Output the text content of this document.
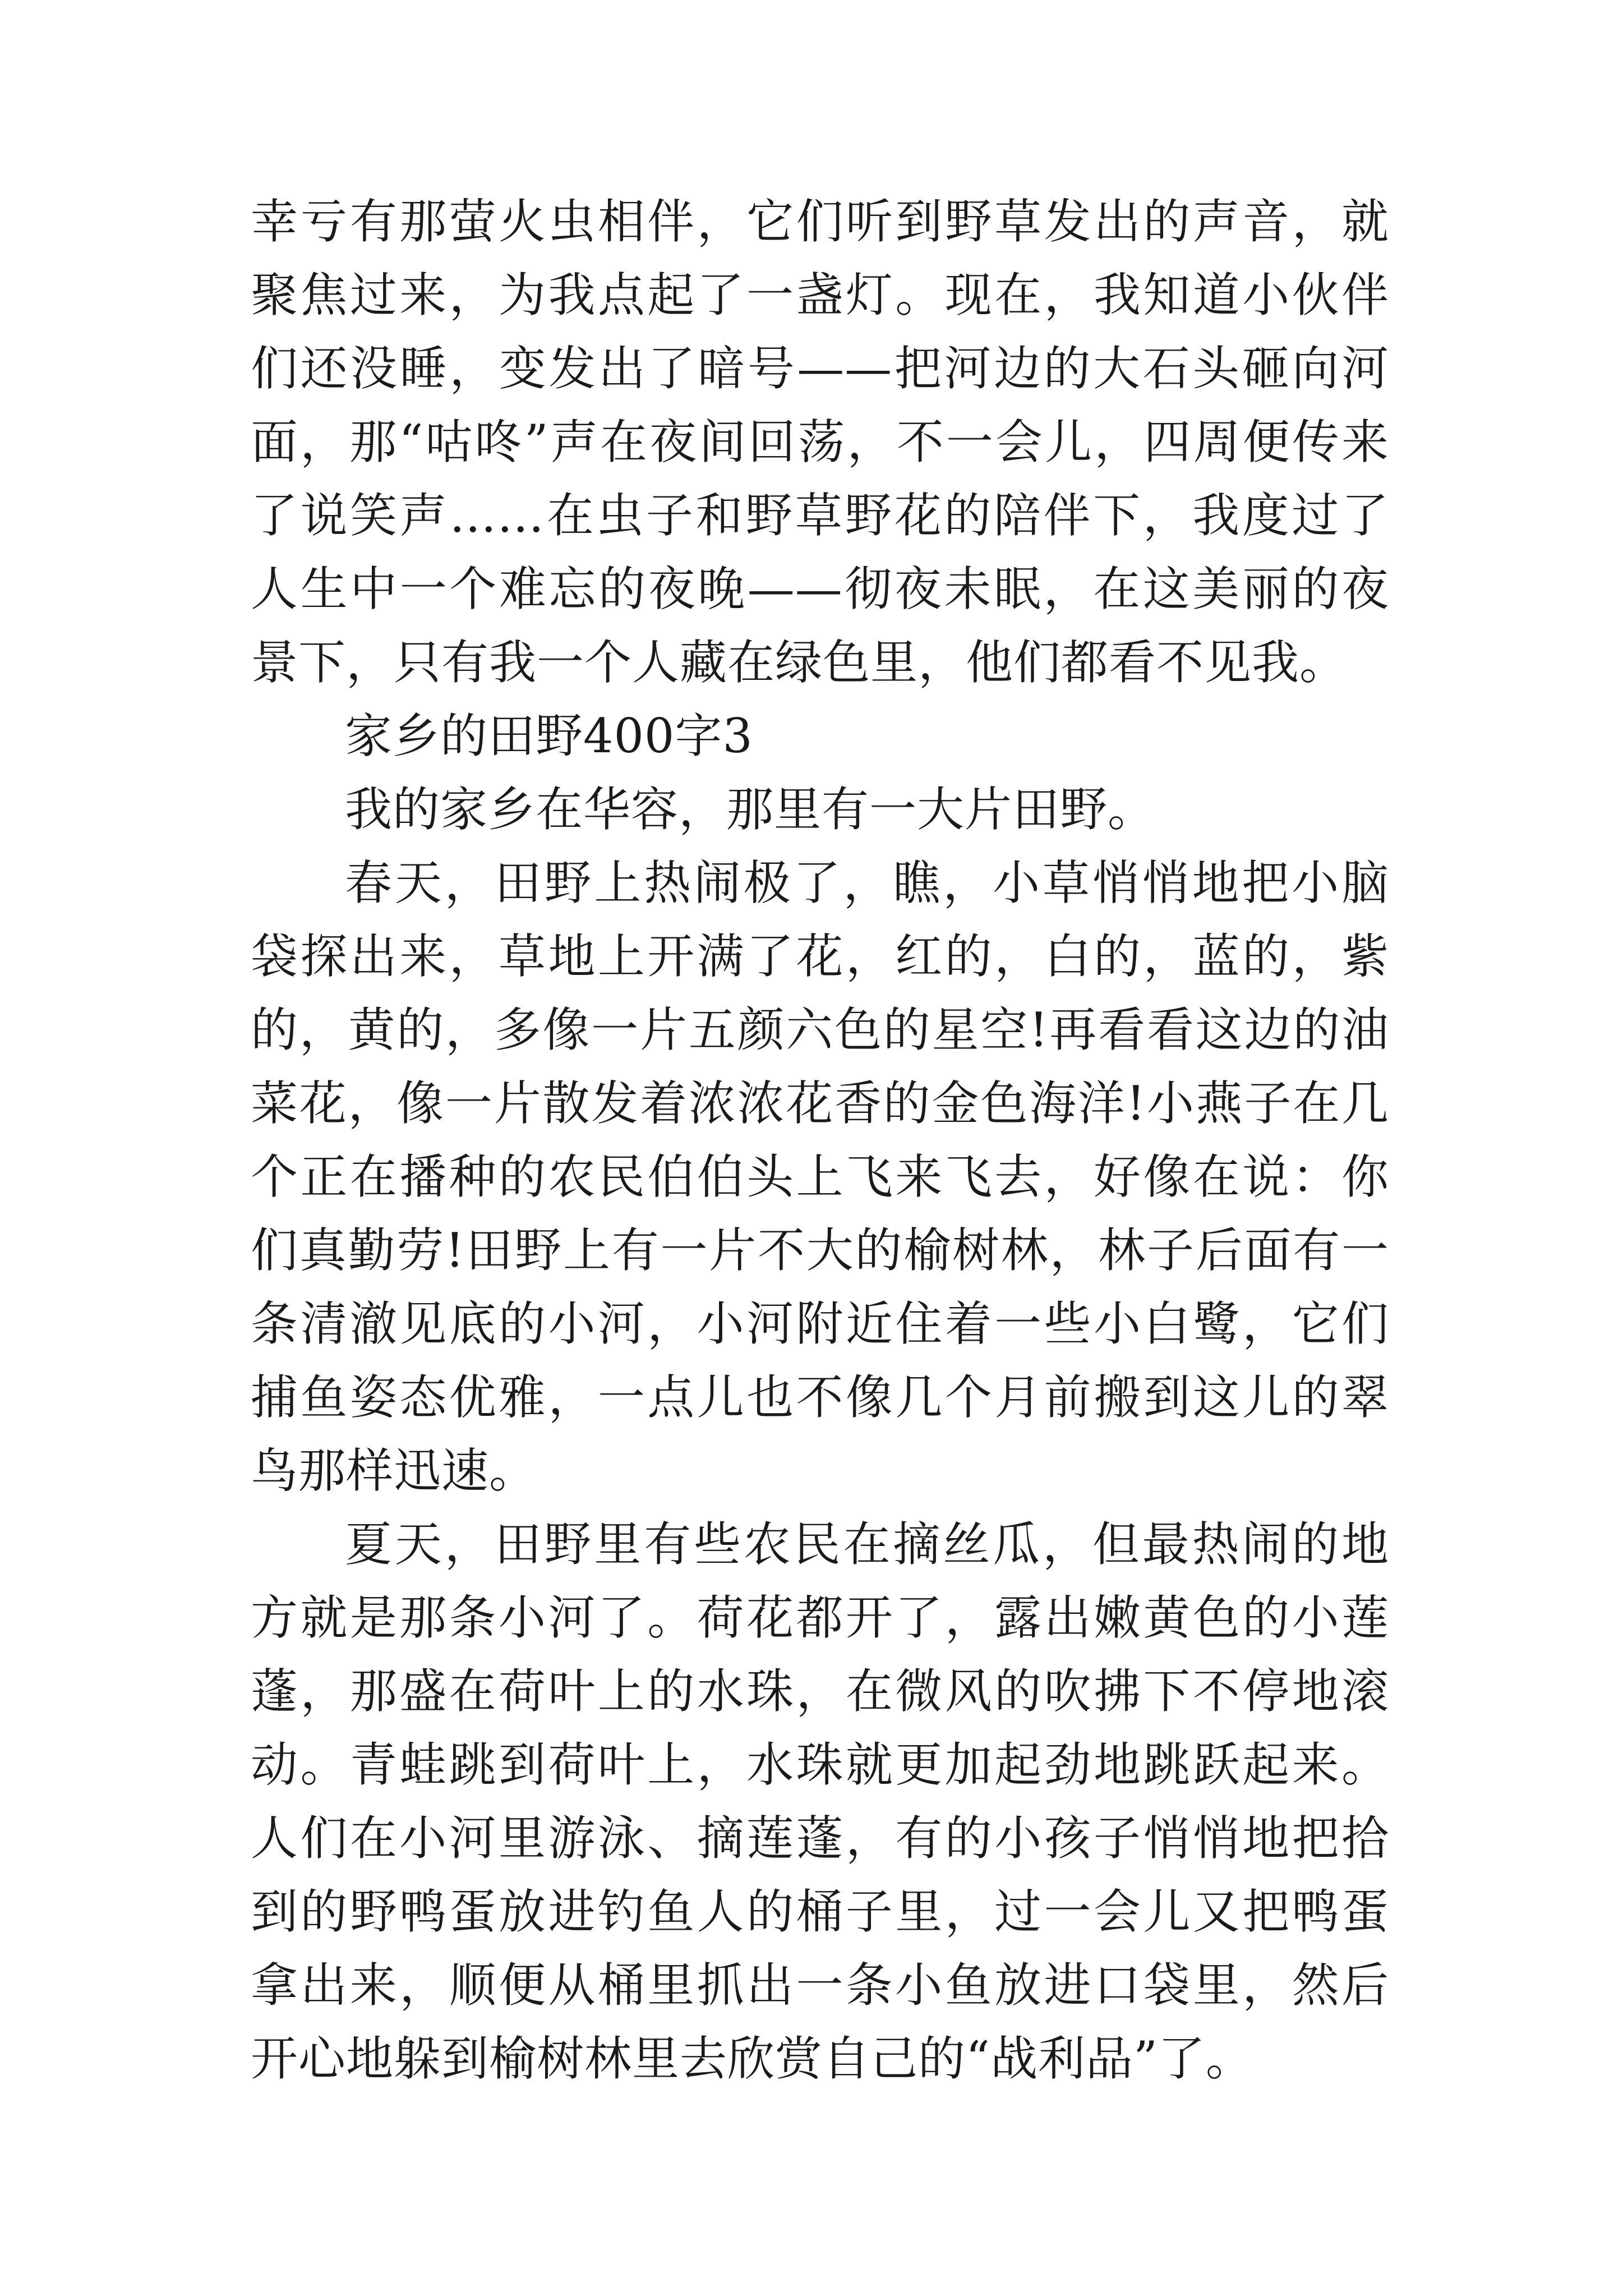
幸亏有那萤火虫相伴，它们听到野草发出的声音，就聚焦过来，为我点起了一盏灯。现在，我知道小伙伴们还没睡，变发出了暗号——把河边的大石头砸向河面，那“咕咚”声在夜间回荡，不一会儿，四周便传来了说笑声……在虫子和野草野花的陪伴下，我度过了人生中一个难忘的夜晚——彻夜未眠，在这美丽的夜景下，只有我一个人藏在绿色里，他们都看不见我。

家乡的田野400字3

我的家乡在华容，那里有一大片田野。

春天，田野上热闹极了，瞧，小草悄悄地把小脑袋探出来，草地上开满了花，红的，白的，蓝的，紫的，黄的，多像一片五颜六色的星空!再看看这边的油菜花，像一片散发着浓浓花香的金色海洋!小燕子在几个正在播种的农民伯伯头上飞来飞去，好像在说：你们真勤劳!田野上有一片不大的榆树林，林子后面有一条清澈见底的小河，小河附近住着一些小白鹭，它们捕鱼姿态优雅，一点儿也不像几个月前搬到这儿的翠鸟那样迅速。

夏天，田野里有些农民在摘丝瓜，但最热闹的地方就是那条小河了。荷花都开了，露出嫩黄色的小莲蓬，那盛在荷叶上的水珠，在微风的吹拂下不停地滚动。青蛙跳到荷叶上，水珠就更加起劲地跳跃起来。人们在小河里游泳、摘莲蓬，有的小孩子悄悄地把拾到的野鸭蛋放进钓鱼人的桶子里，过一会儿又把鸭蛋拿出来，顺便从桶里抓出一条小鱼放进口袋里，然后开心地躲到榆树林里去欣赏自己的“战利品”了。
